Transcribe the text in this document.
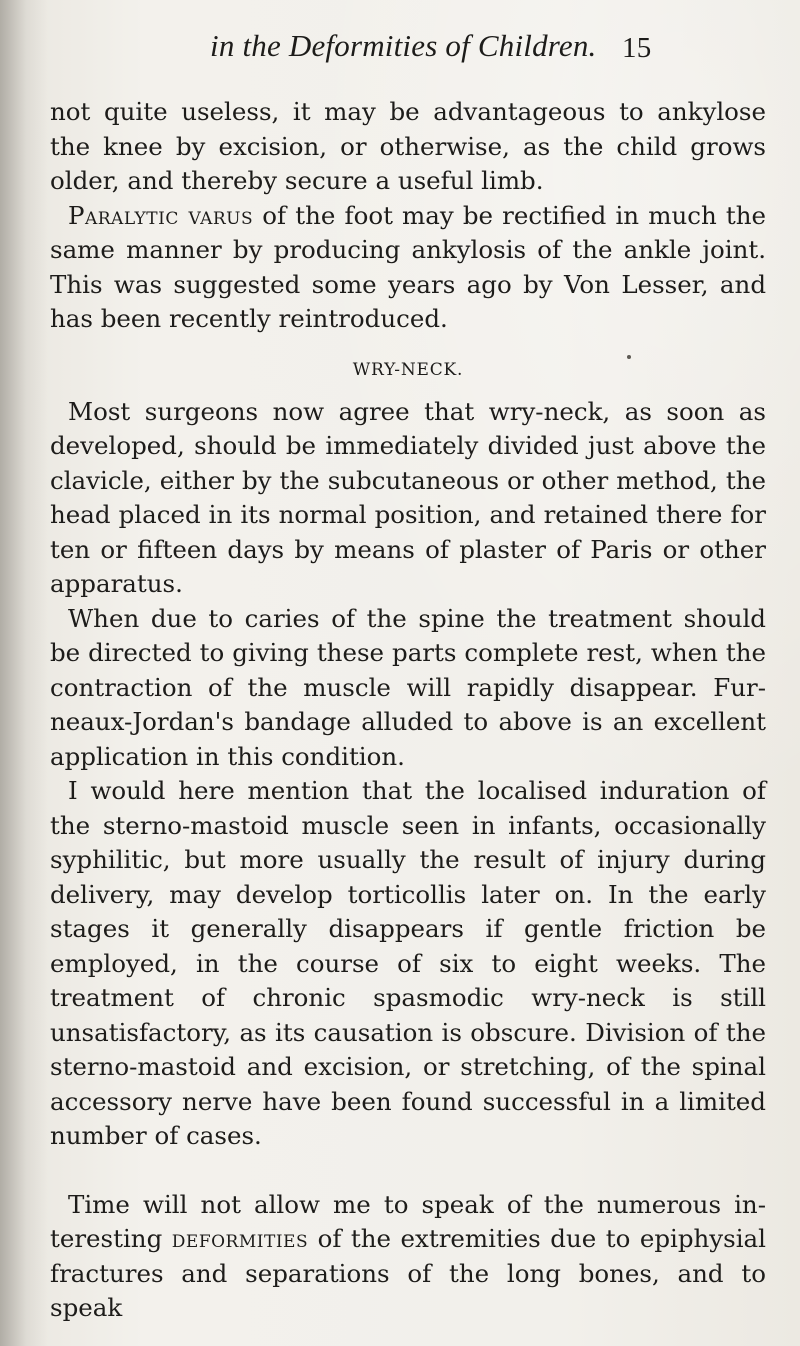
in the Deformities of Children. 15

not quite useless, it may be advantageous to ankylose the knee by excision, or otherwise, as the child grows older, and thereby secure a useful limb.

Paralytic varus of the foot may be rectified in much the same manner by producing ankylosis of the ankle joint. This was suggested some years ago by Von Lesser, and has been recently reintroduced.

WRY-NECK.

Most surgeons now agree that wry-neck, as soon as developed, should be immediately divided just above the clavicle, either by the subcutaneous or other method, the head placed in its normal position, and retained there for ten or fifteen days by means of plaster of Paris or other apparatus.

When due to caries of the spine the treatment should be directed to giving these parts complete rest, when the contraction of the muscle will rapidly disappear. Fur-neaux-Jordan's bandage alluded to above is an excellent application in this condition.

I would here mention that the localised induration of the sterno-mastoid muscle seen in infants, occasionally syphilitic, but more usually the result of injury during delivery, may develop torticollis later on. In the early stages it generally disappears if gentle friction be employed, in the course of six to eight weeks. The treatment of chronic spasmodic wry-neck is still unsatisfactory, as its causation is obscure. Division of the sterno-mastoid and excision, or stretching, of the spinal accessory nerve have been found successful in a limited number of cases.

Time will not allow me to speak of the numerous in-teresting deformities of the extremities due to epiphysial fractures and separations of the long bones, and to speak
